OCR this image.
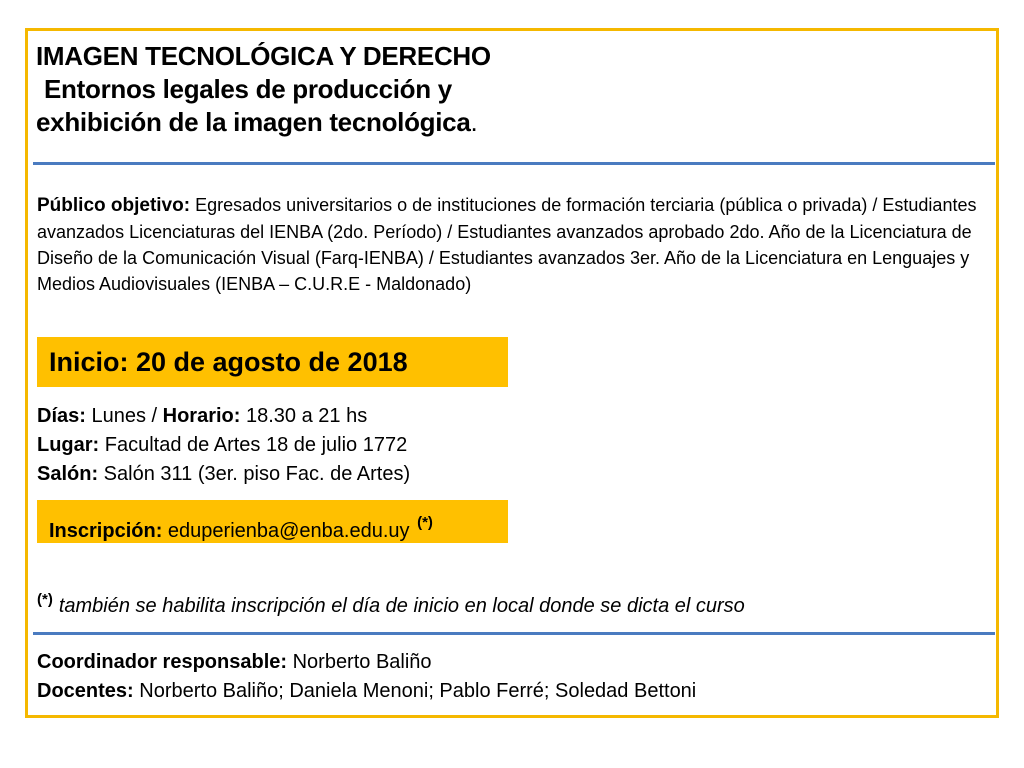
IMAGEN TECNOLÓGICA Y DERECHO
Entornos legales de producción y
exhibición de la imagen tecnológica.

Público objetivo: Egresados universitarios o de instituciones de formación terciaria (pública o privada) / Estudiantes avanzados Licenciaturas del IENBA (2do. Período) / Estudiantes avanzados aprobado 2do. Año de la Licenciatura de Diseño de la Comunicación Visual (Farq-IENBA) / Estudiantes avanzados 3er. Año de la Licenciatura en Lenguajes y Medios Audiovisuales (IENBA – C.U.R.E - Maldonado)

Inicio: 20 de agosto de 2018
Días: Lunes / Horario: 18.30 a 21 hs
Lugar: Facultad de Artes 18 de julio 1772
Salón: Salón 311 (3er. piso Fac. de Artes)
Inscripción: eduperienba@enba.edu.uy (*)
(*) también se habilita inscripción el día de inicio en local donde se dicta el curso
Coordinador responsable: Norberto Baliño
Docentes: Norberto Baliño; Daniela Menoni; Pablo Ferré; Soledad Bettoni
